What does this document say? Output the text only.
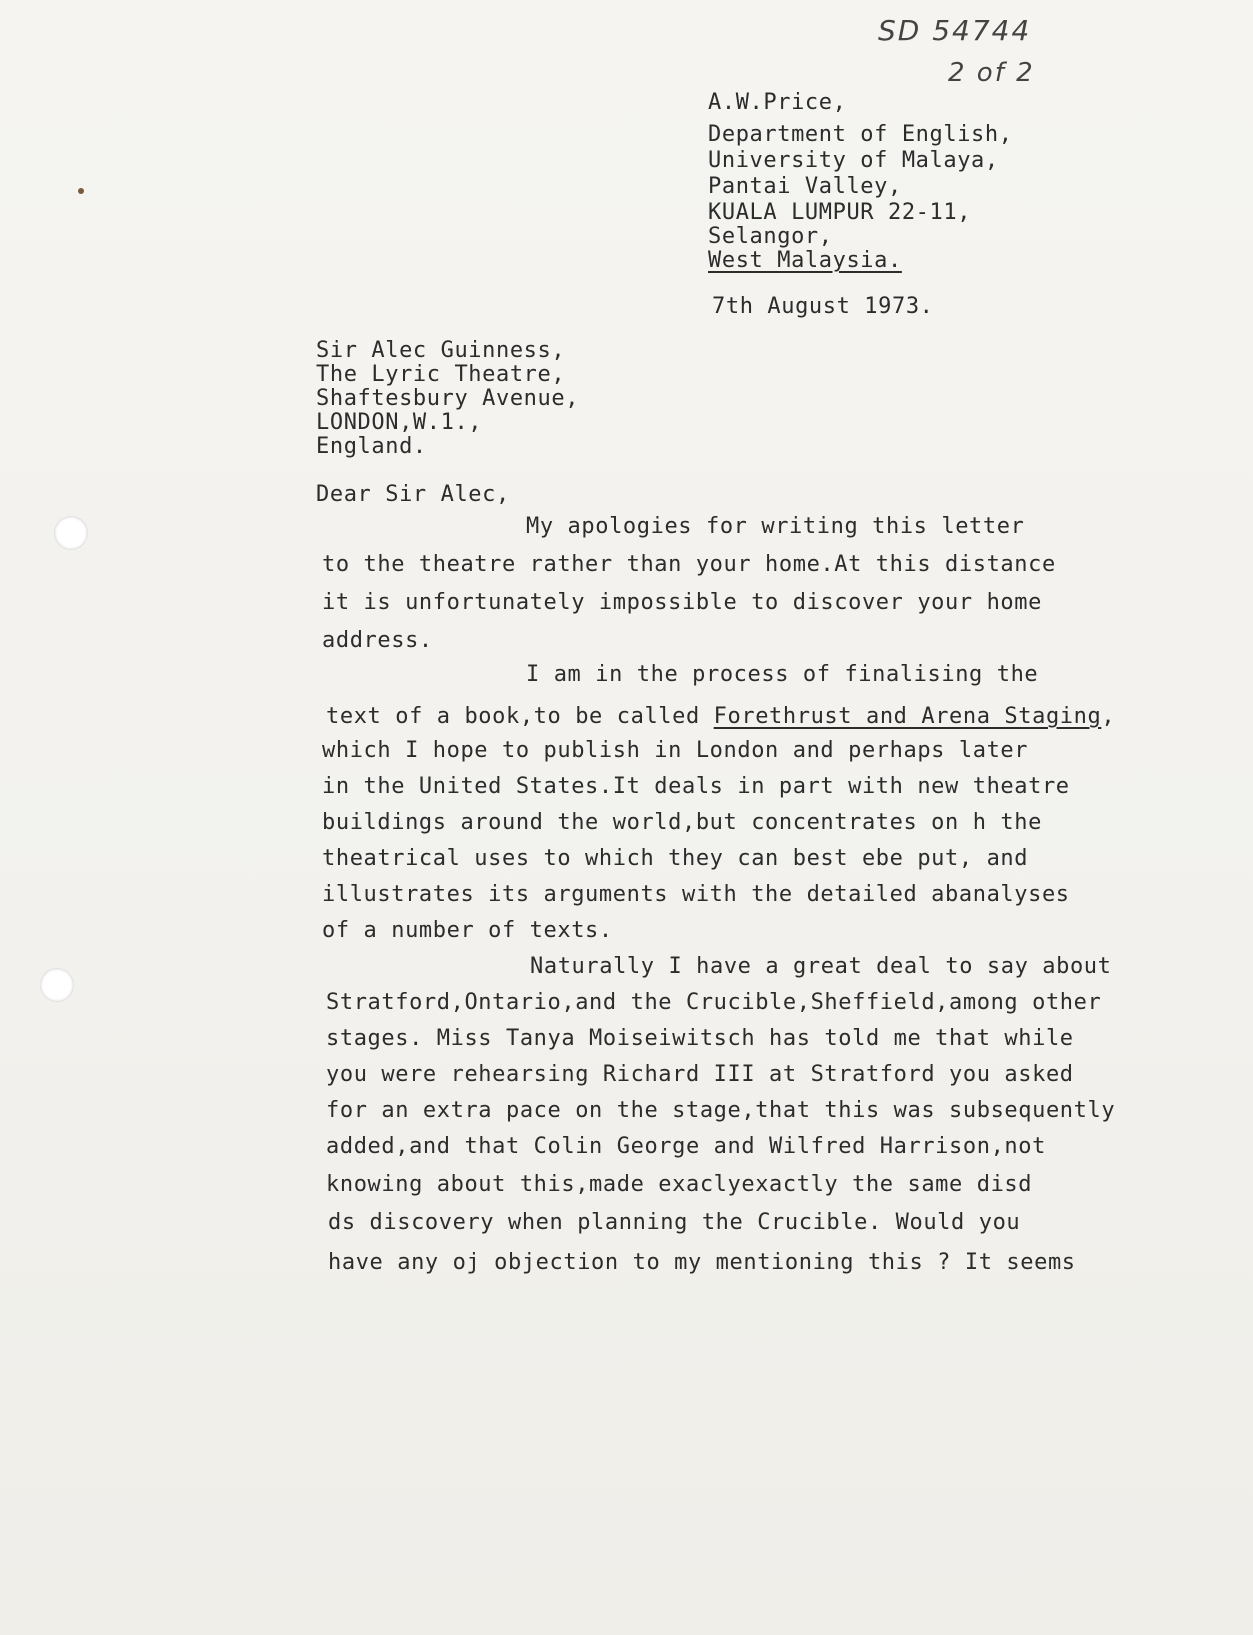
SD 54744
2 of 2
A.W.Price,
Department of English,
University of Malaya,
Pantai Valley,
KUALA LUMPUR 22-11,
Selangor,
West Malaysia.
7th August 1973.
Sir Alec Guinness,
The Lyric Theatre,
Shaftesbury Avenue,
LONDON,W.1.,
England.
Dear Sir Alec,
My apologies for writing this letter
to the theatre rather than your home.At this distance
it is unfortunately impossible to discover your home
address.
I am in the process of finalising the
text of a book,to be called Forethrust and Arena Staging,
which I hope to publish in London and perhaps later
in the United States.It deals in part with new theatre
buildings around the world,but concentrates on h the
theatrical uses to which they can best ebe put, and
illustrates its arguments with the detailed abanalyses
of a number of texts.
Naturally I have a great deal to say about
Stratford,Ontario,and the Crucible,Sheffield,among other
stages. Miss Tanya Moiseiwitsch has told me that while
you were rehearsing Richard III at Stratford you asked
for an extra pace on the stage,that this was subsequently
added,and that Colin George and Wilfred Harrison,not
knowing about this,made exaclyexactly the same disd
ds discovery when planning the Crucible. Would you
have any oj objection to my mentioning this ? It seems
